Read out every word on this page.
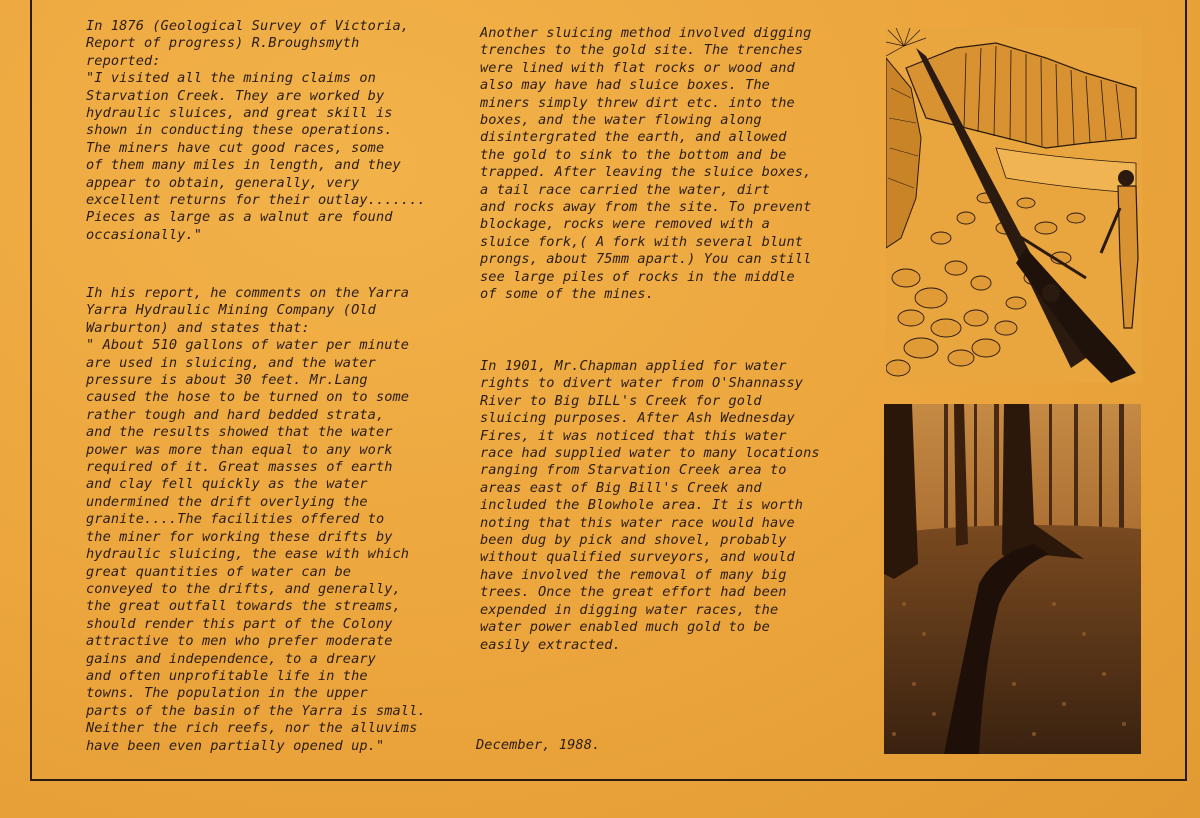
In 1876 (Geological Survey of Victoria,
Report of progress) R.Broughsmyth
reported:
"I visited all the mining claims on
Starvation Creek. They are worked by
hydraulic sluices, and great skill is
shown in conducting these operations.
The miners have cut good races, some
of them many miles in length, and they
appear to obtain, generally, very
excellent returns for their outlay.......
Pieces as large as a walnut are found
occasionally."
Ih his report, he comments on the Yarra
Yarra Hydraulic Mining Company (Old
Warburton) and states that:
" About 510 gallons of water per minute
are used in sluicing, and the water
pressure is about 30 feet. Mr.Lang
caused the hose to be turned on to some
rather tough and hard bedded strata,
and the results showed that the water
power was more than equal to any work
required of it. Great masses of earth
and clay fell quickly as the water
undermined the drift overlying the
granite....The facilities offered to
the miner for working these drifts by
hydraulic sluicing, the ease with which
great quantities of water can be
conveyed to the drifts, and generally,
the great outfall towards the streams,
should render this part of the Colony
attractive to men who prefer moderate
gains and independence, to a dreary
and often unprofitable life in the
towns. The population in the upper
parts of the basin of the Yarra is small.
Neither the rich reefs, nor the alluvims
have been even partially opened up."
Another sluicing method involved digging
trenches to the gold site. The trenches
were lined with flat rocks or wood and
also may have had sluice boxes. The
miners simply threw dirt etc. into the
boxes, and the water flowing along
disintergrated the earth, and allowed
the gold to sink to the bottom and be
trapped. After leaving the sluice boxes,
a tail race carried the water, dirt
and rocks away from the site. To prevent
blockage, rocks were removed with a
sluice fork,( A fork with several blunt
prongs, about 75mm apart.) You can still
see large piles of rocks in the middle
of some of the mines.
In 1901, Mr.Chapman applied for water
rights to divert water from O'Shannassy
River to Big bILL's Creek for gold
sluicing purposes. After Ash Wednesday
Fires, it was noticed that this water
race had supplied water to many locations
ranging from Starvation Creek area to
areas east of Big Bill's Creek and
included the Blowhole area. It is worth
noting that this water race would have
been dug by pick and shovel, probably
without qualified surveyors, and would
have involved the removal of many big
trees. Once the great effort had been
expended in digging water races, the
water power enabled much gold to be
easily extracted.
December, 1988.
